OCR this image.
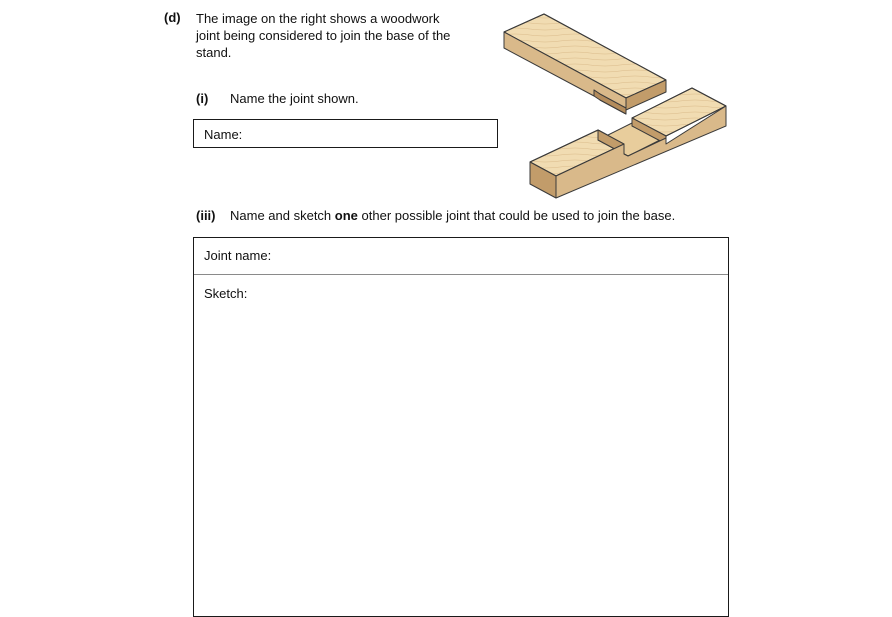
(d) The image on the right shows a woodwork joint being considered to join the base of the stand.
(i) Name the joint shown.
Name:
(iii) Name and sketch one other possible joint that could be used to join the base.
Joint name:
Sketch:
